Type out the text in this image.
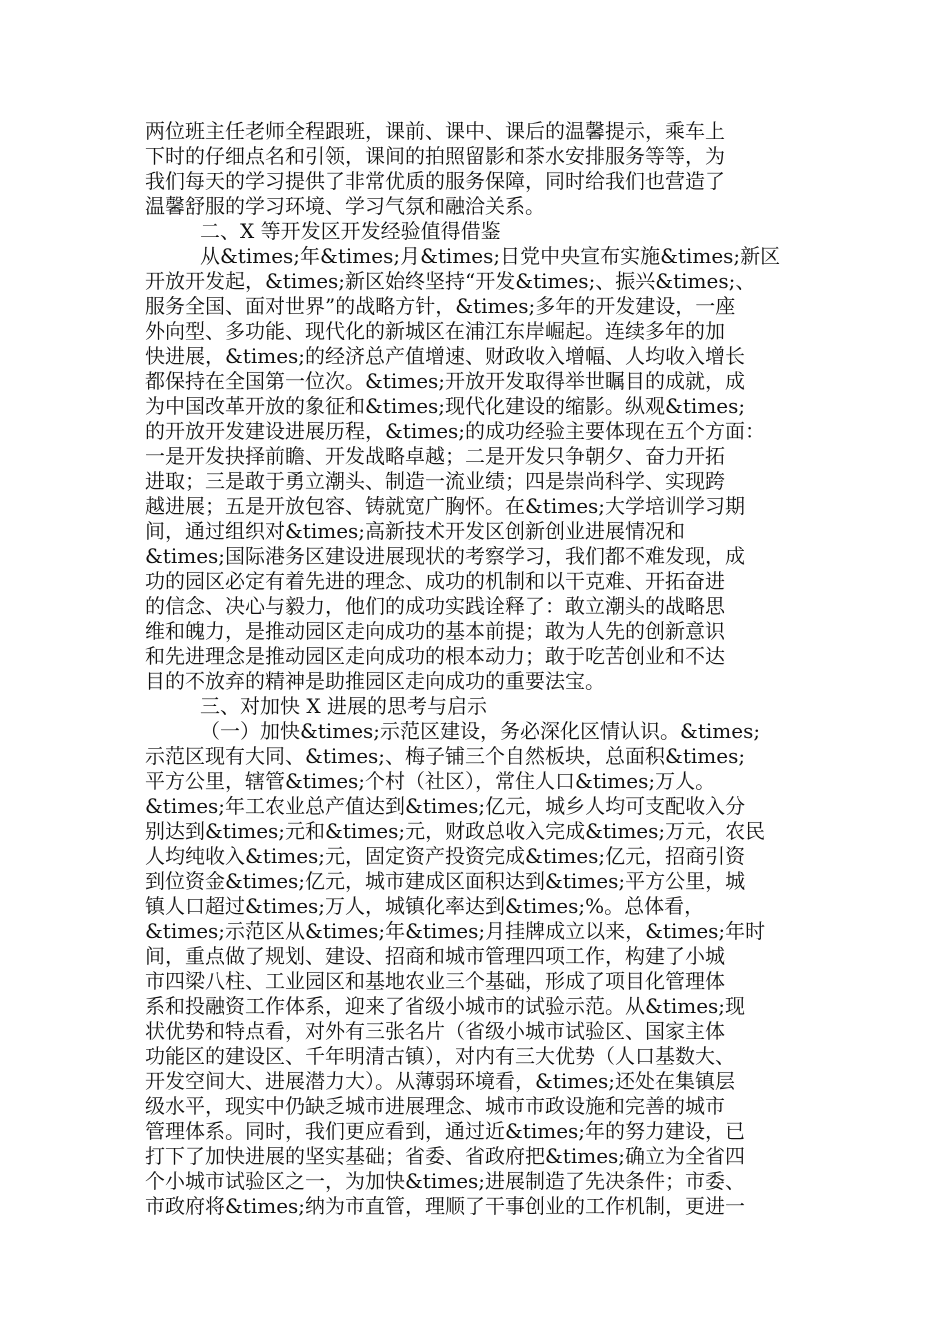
两位班主任老师全程跟班，课前、课中、课后的温馨提示，乘车上
下时的仔细点名和引领，课间的拍照留影和茶水安排服务等等，为
我们每天的学习提供了非常优质的服务保障，同时给我们也营造了
温馨舒服的学习环境、学习气氛和融洽关系。
二、X 等开发区开发经验值得借鉴
从&times;年&times;月&times;日党中央宣布实施&times;新区
开放开发起，&times;新区始终坚持“开发&times;、振兴&times;、
服务全国、面对世界”的战略方针，&times;多年的开发建设，一座
外向型、多功能、现代化的新城区在浦江东岸崛起。连续多年的加
快进展，&times;的经济总产值增速、财政收入增幅、人均收入增长
都保持在全国第一位次。&times;开放开发取得举世瞩目的成就，成
为中国改革开放的象征和&times;现代化建设的缩影。纵观&times;
的开放开发建设进展历程，&times;的成功经验主要体现在五个方面：
一是开发抉择前瞻、开发战略卓越；二是开发只争朝夕、奋力开拓
进取；三是敢于勇立潮头、制造一流业绩；四是崇尚科学、实现跨
越进展；五是开放包容、铸就宽广胸怀。在&times;大学培训学习期
间，通过组织对&times;高新技术开发区创新创业进展情况和
&times;国际港务区建设进展现状的考察学习，我们都不难发现，成
功的园区必定有着先进的理念、成功的机制和以干克难、开拓奋进
的信念、决心与毅力，他们的成功实践诠释了：敢立潮头的战略思
维和魄力，是推动园区走向成功的基本前提；敢为人先的创新意识
和先进理念是推动园区走向成功的根本动力；敢于吃苦创业和不达
目的不放弃的精神是助推园区走向成功的重要法宝。
三、对加快 X 进展的思考与启示
（一）加快&times;示范区建设，务必深化区情认识。&times;
示范区现有大同、&times;、梅子铺三个自然板块，总面积&times;
平方公里，辖管&times;个村（社区），常住人口&times;万人。
&times;年工农业总产值达到&times;亿元，城乡人均可支配收入分
别达到&times;元和&times;元，财政总收入完成&times;万元，农民
人均纯收入&times;元，固定资产投资完成&times;亿元，招商引资
到位资金&times;亿元，城市建成区面积达到&times;平方公里，城
镇人口超过&times;万人，城镇化率达到&times;%。总体看，
&times;示范区从&times;年&times;月挂牌成立以来，&times;年时
间，重点做了规划、建设、招商和城市管理四项工作，构建了小城
市四梁八柱、工业园区和基地农业三个基础，形成了项目化管理体
系和投融资工作体系，迎来了省级小城市的试验示范。从&times;现
状优势和特点看，对外有三张名片（省级小城市试验区、国家主体
功能区的建设区、千年明清古镇），对内有三大优势（人口基数大、
开发空间大、进展潜力大）。从薄弱环境看，&times;还处在集镇层
级水平，现实中仍缺乏城市进展理念、城市市政设施和完善的城市
管理体系。同时，我们更应看到，通过近&times;年的努力建设，已
打下了加快进展的坚实基础；省委、省政府把&times;确立为全省四
个小城市试验区之一，为加快&times;进展制造了先决条件；市委、
市政府将&times;纳为市直管，理顺了干事创业的工作机制，更进一
